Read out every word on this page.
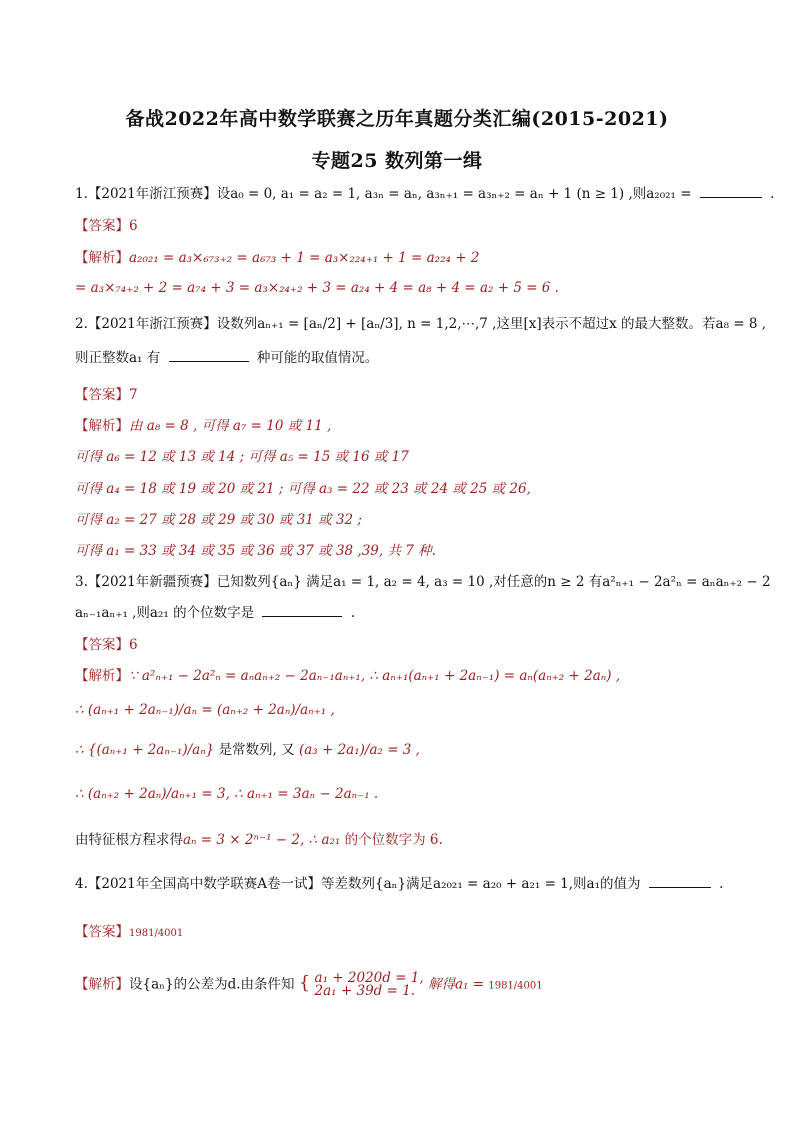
备战2022年高中数学联赛之历年真题分类汇编(2015-2021)
专题25 数列第一缉
1.【2021年浙江预赛】设a₀ = 0, a₁ = a₂ = 1, a₃ₙ = aₙ, a₃ₙ₊₁ = a₃ₙ₊₂ = aₙ + 1 (n ≥ 1) ,则a₂₀₂₁ =	.
【答案】6
【解析】a₂₀₂₁ = a₃×₆₇₃₊₂ = a₆₇₃ + 1 = a₃×₂₂₄₊₁ + 1 = a₂₂₄ + 2
= a₃×₇₄₊₂ + 2 = a₇₄ + 3 = a₃×₂₄₊₂ + 3 = a₂₄ + 4 = a₈ + 4 = a₂ + 5 = 6 .
2.【2021年浙江预赛】设数列aₙ₊₁ = [aₙ/2] + [aₙ/3], n = 1,2,⋯,7 ,这里[x]表示不超过x 的最大整数。若a₈ = 8 ,
则正整数a₁ 有	种可能的取值情况。
【答案】7
【解析】由 a₈ = 8 , 可得 a₇ = 10 或 11 ,
可得 a₆ = 12 或 13 或 14 ; 可得 a₅ = 15 或 16 或 17
可得 a₄ = 18 或 19 或 20 或 21 ; 可得 a₃ = 22 或 23 或 24 或 25 或 26,
可得 a₂ = 27 或 28 或 29 或 30 或 31 或 32 ;
可得 a₁ = 33 或 34 或 35 或 36 或 37 或 38 ,39, 共 7 种.
3.【2021年新疆预赛】已知数列{aₙ} 满足a₁ = 1, a₂ = 4, a₃ = 10 ,对任意的n ≥ 2 有a²ₙ₊₁ − 2a²ₙ = aₙaₙ₊₂ − 2
aₙ₋₁aₙ₊₁ ,则a₂₁ 的个位数字是	.
【答案】6
【解析】∵ a²ₙ₊₁ − 2a²ₙ = aₙaₙ₊₂ − 2aₙ₋₁aₙ₊₁, ∴ aₙ₊₁(aₙ₊₁ + 2aₙ₋₁) = aₙ(aₙ₊₂ + 2aₙ) ,
∴ (aₙ₊₁ + 2aₙ₋₁)/aₙ = (aₙ₊₂ + 2aₙ)/aₙ₊₁ ,
∴ {(aₙ₊₁ + 2aₙ₋₁)/aₙ} 是常数列, 又 (a₃ + 2a₁)/a₂ = 3 ,
∴ (aₙ₊₂ + 2aₙ)/aₙ₊₁ = 3, ∴ aₙ₊₁ = 3aₙ − 2aₙ₋₁ .
由特征根方程求得aₙ = 3 × 2ⁿ⁻¹ − 2, ∴ a₂₁ 的个位数字为 6.
4.【2021年全国高中数学联赛A卷一试】等差数列{aₙ}满足a₂₀₂₁ = a₂₀ + a₂₁ = 1,则a₁的值为	.
【答案】1981/4001
【解析】设{aₙ}的公差为d.由条件知 { a₁ + 2020d = 1,
2a₁ + 39d = 1. 解得a₁ = 1981/4001
